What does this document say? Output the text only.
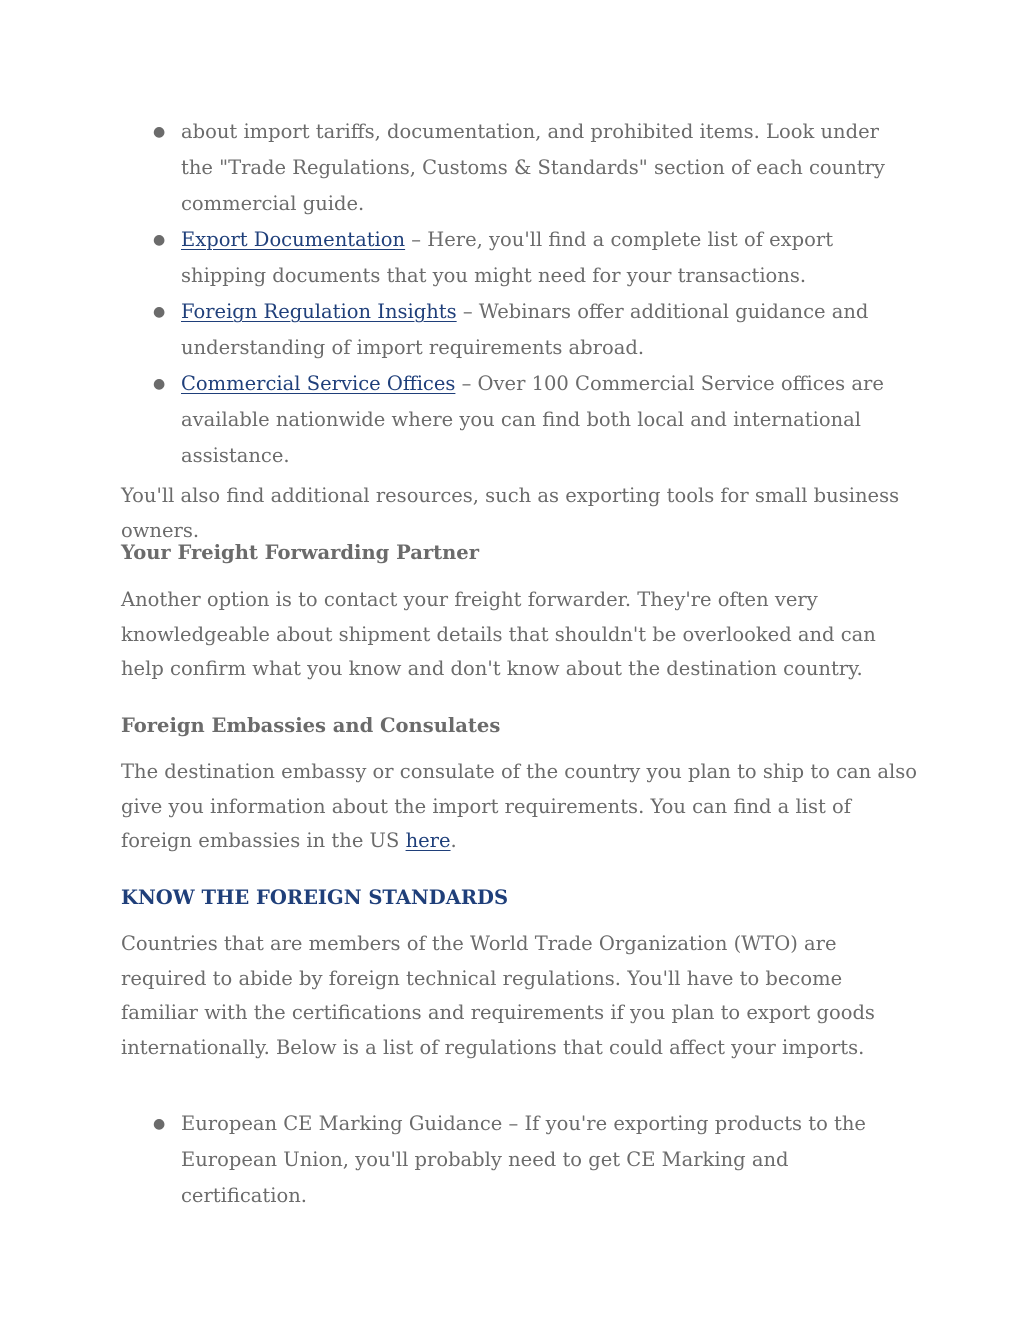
● about import tariffs, documentation, and prohibited items. Look under the "Trade Regulations, Customs & Standards" section of each country commercial guide.
● Export Documentation – Here, you'll find a complete list of export shipping documents that you might need for your transactions.
● Foreign Regulation Insights – Webinars offer additional guidance and understanding of import requirements abroad.
● Commercial Service Offices – Over 100 Commercial Service offices are available nationwide where you can find both local and international assistance.

You'll also find additional resources, such as exporting tools for small business owners.

Your Freight Forwarding Partner

Another option is to contact your freight forwarder. They're often very knowledgeable about shipment details that shouldn't be overlooked and can help confirm what you know and don't know about the destination country.

Foreign Embassies and Consulates

The destination embassy or consulate of the country you plan to ship to can also give you information about the import requirements. You can find a list of foreign embassies in the US here.

KNOW THE FOREIGN STANDARDS

Countries that are members of the World Trade Organization (WTO) are required to abide by foreign technical regulations. You'll have to become familiar with the certifications and requirements if you plan to export goods internationally. Below is a list of regulations that could affect your imports.

● European CE Marking Guidance – If you're exporting products to the European Union, you'll probably need to get CE Marking and certification.
